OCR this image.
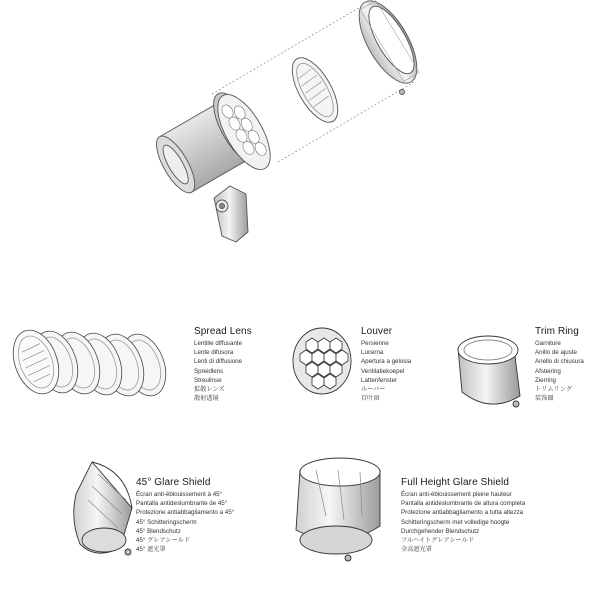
Spread Lens
Lentille diffusante
Lente difusora
Lenti di diffusione
Spreidlens
Streulinse
拡散レンズ
散射透镜
Louver
Persienne
Lucerna
Apertura a gelosia
Ventilatiekoepel
Lattenfenster
ルーバー
百叶窗
Trim Ring
Garniture
Anillo de ajuste
Anello di chiusura
Afsteiring
Zierring
トリムリング
装饰圈
45° Glare Shield
Écran anti-éblouissement à 45°
Pantalla antideslumbrante de 45°
Protezione antiabbagliamento a 45°
45° Schitteringscherm
45° Blendschutz
45° グレアシールド
45° 遮光罩
Full Height Glare Shield
Écran anti-éblouissement pleine hauteur
Pantalla antideslumbrante de altura completa
Protezione antiabbagliamento a tutta altezza
Schitteringscherm met volledige hoogte
Durchgehender Blendschutz
フルハイトグレアシールド
全高遮光罩
